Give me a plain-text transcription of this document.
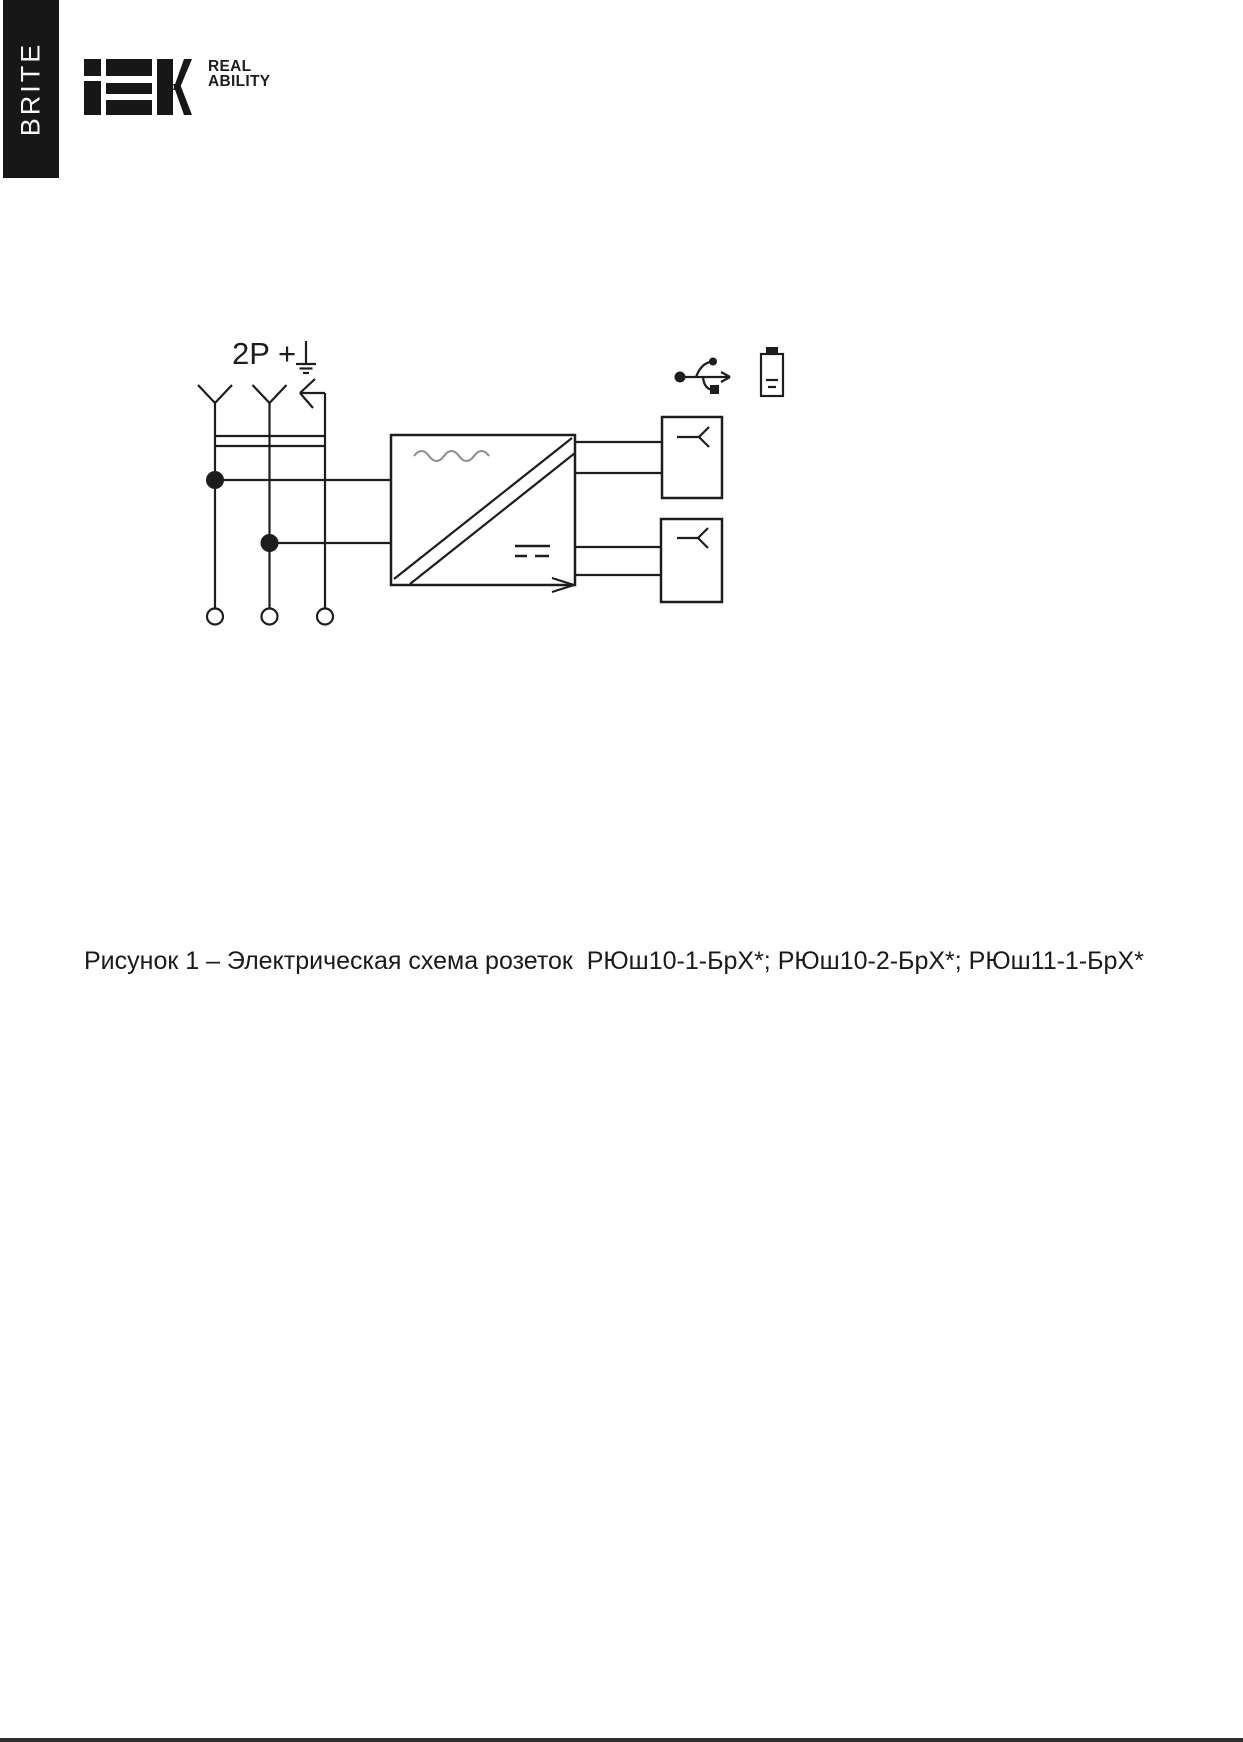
BRITE	REAL
ABILITY
2P +
Рисунок 1 – Электрическая схема розеток  РЮш10-1-БрХ*; РЮш10-2-БрХ*; РЮш11-1-БрХ*
